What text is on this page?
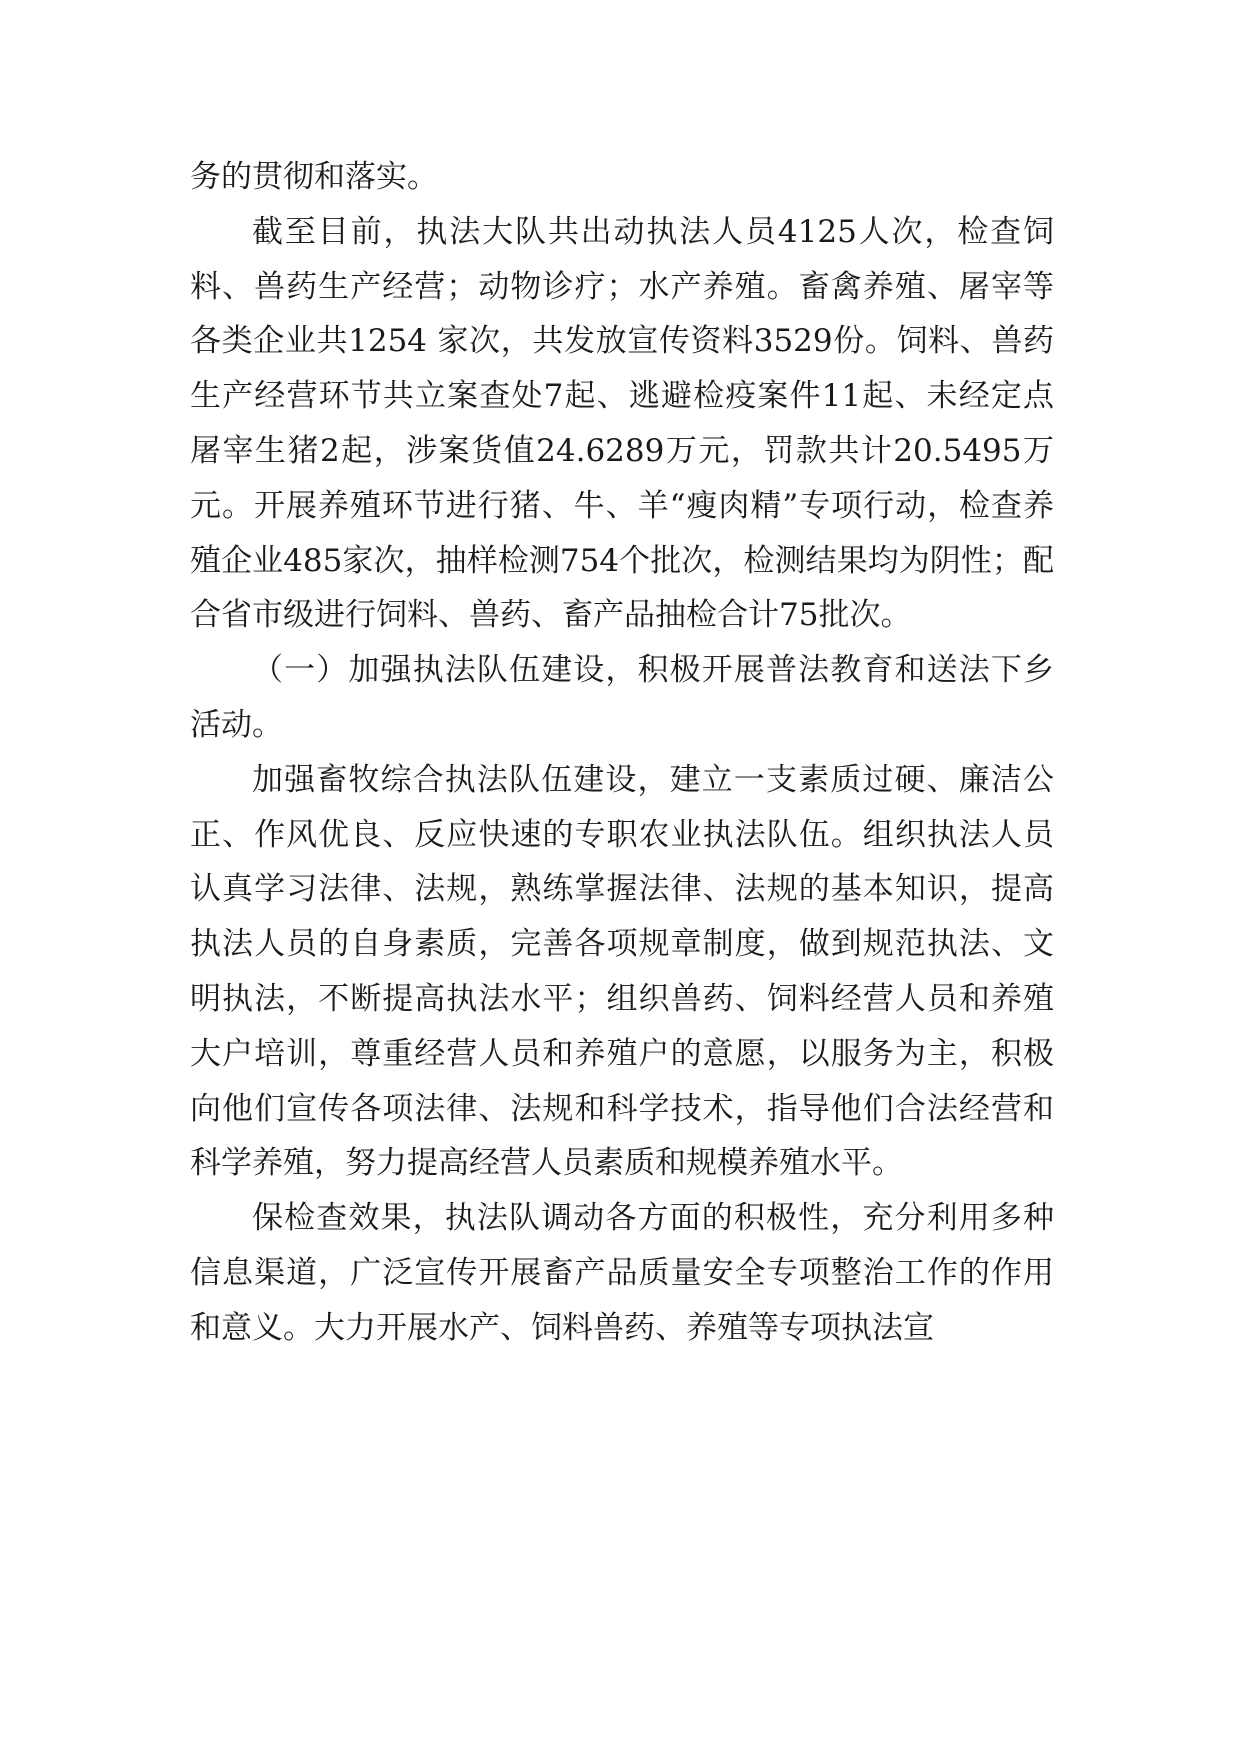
务的贯彻和落实。

截至目前，执法大队共出动执法人员4125人次，检查饲料、兽药生产经营；动物诊疗；水产养殖。畜禽养殖、屠宰等各类企业共1254 家次，共发放宣传资料3529份。饲料、兽药生产经营环节共立案查处7起、逃避检疫案件11起、未经定点屠宰生猪2起，涉案货值24.6289万元，罚款共计20.5495万元。开展养殖环节进行猪、牛、羊“瘦肉精”专项行动，检查养殖企业485家次，抽样检测754个批次，检测结果均为阴性；配合省市级进行饲料、兽药、畜产品抽检合计75批次。

（一）加强执法队伍建设，积极开展普法教育和送法下乡活动。

加强畜牧综合执法队伍建设，建立一支素质过硬、廉洁公正、作风优良、反应快速的专职农业执法队伍。组织执法人员认真学习法律、法规，熟练掌握法律、法规的基本知识，提高执法人员的自身素质，完善各项规章制度，做到规范执法、文明执法，不断提高执法水平；组织兽药、饲料经营人员和养殖大户培训，尊重经营人员和养殖户的意愿，以服务为主，积极向他们宣传各项法律、法规和科学技术，指导他们合法经营和科学养殖，努力提高经营人员素质和规模养殖水平。

保检查效果，执法队调动各方面的积极性，充分利用多种信息渠道，广泛宣传开展畜产品质量安全专项整治工作的作用和意义。大力开展水产、饲料兽药、养殖等专项执法宣
